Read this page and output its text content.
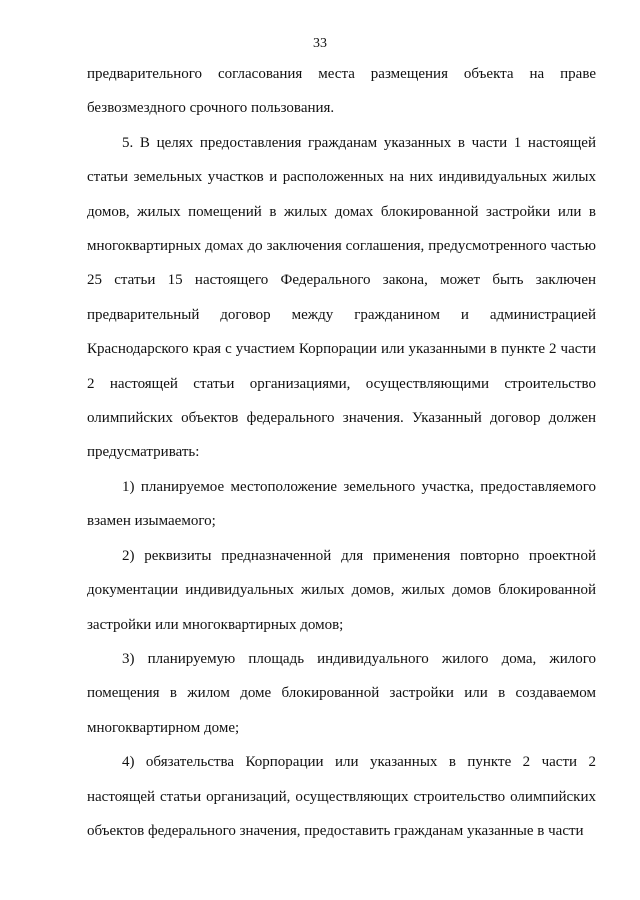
33

предварительного согласования места размещения объекта на праве безвозмездного срочного пользования.

5. В целях предоставления гражданам указанных в части 1 настоящей статьи земельных участков и расположенных на них индивидуальных жилых домов, жилых помещений в жилых домах блокированной застройки или в многоквартирных домах до заключения соглашения, предусмотренного частью 25 статьи 15 настоящего Федерального закона, может быть заключен предварительный договор между гражданином и администрацией Краснодарского края с участием Корпорации или указанными в пункте 2 части 2 настоящей статьи организациями, осуществляющими строительство олимпийских объектов федерального значения. Указанный договор должен предусматривать:

1) планируемое местоположение земельного участка, предоставляемого взамен изымаемого;

2) реквизиты предназначенной для применения повторно проектной документации индивидуальных жилых домов, жилых домов блокированной застройки или многоквартирных домов;

3) планируемую площадь индивидуального жилого дома, жилого помещения в жилом доме блокированной застройки или в создаваемом многоквартирном доме;

4) обязательства Корпорации или указанных в пункте 2 части 2 настоящей статьи организаций, осуществляющих строительство олимпийских объектов федерального значения, предоставить гражданам указанные в части
